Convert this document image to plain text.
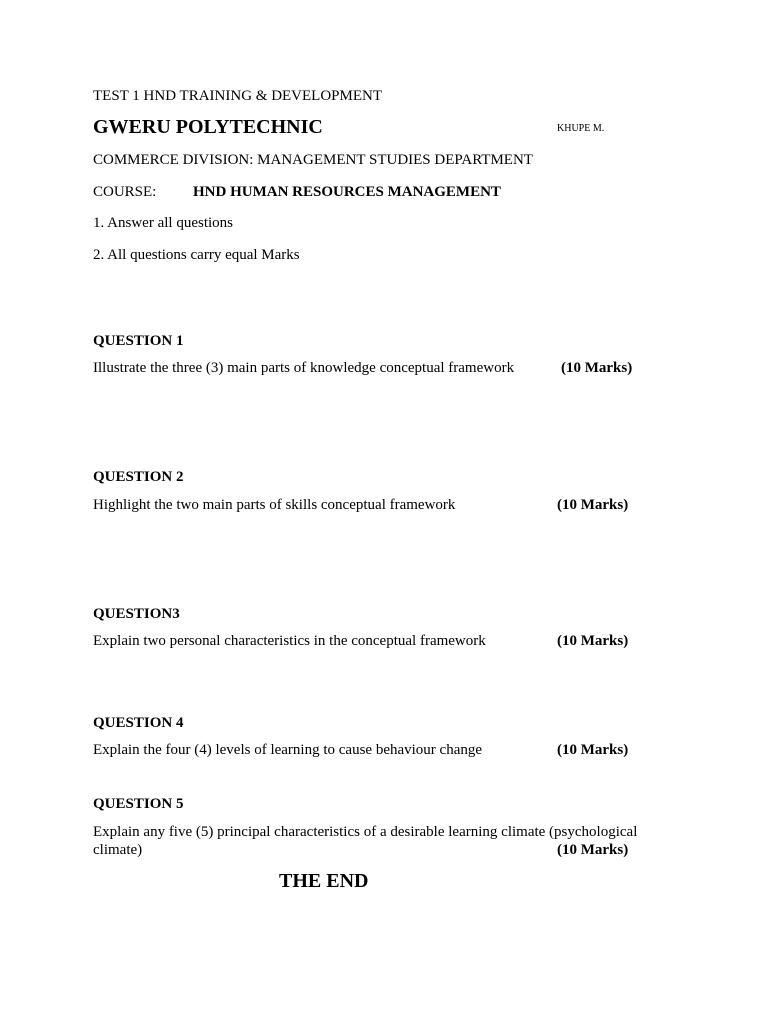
TEST 1 HND TRAINING & DEVELOPMENT

GWERU POLYTECHNIC	KHUPE M.

COMMERCE DIVISION: MANAGEMENT STUDIES DEPARTMENT

COURSE: HND HUMAN RESOURCES MANAGEMENT

1. Answer all questions

2. All questions carry equal Marks

QUESTION 1

Illustrate the three (3) main parts of knowledge conceptual framework	(10 Marks)

QUESTION 2

Highlight the two main parts of skills conceptual framework	(10 Marks)

QUESTION3

Explain two personal characteristics in the conceptual framework	(10 Marks)

QUESTION 4

Explain the four (4) levels of learning to cause behaviour change	(10 Marks)

QUESTION 5

Explain any five (5) principal characteristics of a desirable learning climate (psychological

climate)	(10 Marks)

THE END
